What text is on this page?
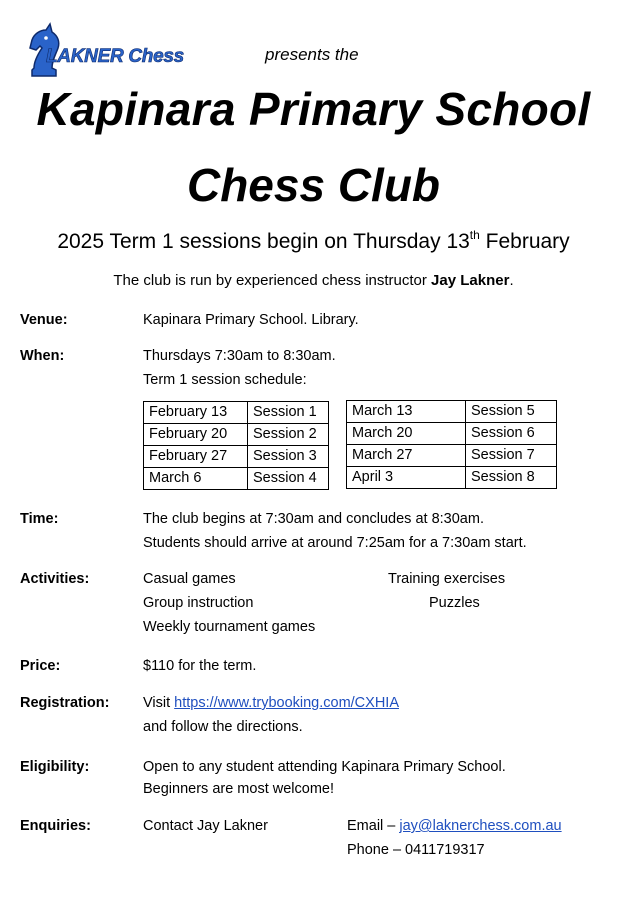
LAKNER Chess	presents the
Kapinara Primary School
Chess Club
2025 Term 1 sessions begin on Thursday 13th February
The club is run by experienced chess instructor Jay Lakner.
Venue:	Kapinara Primary School. Library.
When:	Thursdays 7:30am to 8:30am.
Term 1 session schedule:
February 13	Session 1
February 20	Session 2
February 27	Session 3
March 6	Session 4
March 13	Session 5
March 20	Session 6
March 27	Session 7
April 3	Session 8
Time:	The club begins at 7:30am and concludes at 8:30am.
Students should arrive at around 7:25am for a 7:30am start.
Activities:	Casual games	Training exercises
Group instruction	Puzzles
Weekly tournament games
Price:	$110 for the term.
Registration: Visit https://www.trybooking.com/CXHIA
and follow the directions.
Eligibility:	Open to any student attending Kapinara Primary School.
Beginners are most welcome!
Enquiries:	Contact Jay Lakner	Email – jay@laknerchess.com.au
Phone – 0411719317
